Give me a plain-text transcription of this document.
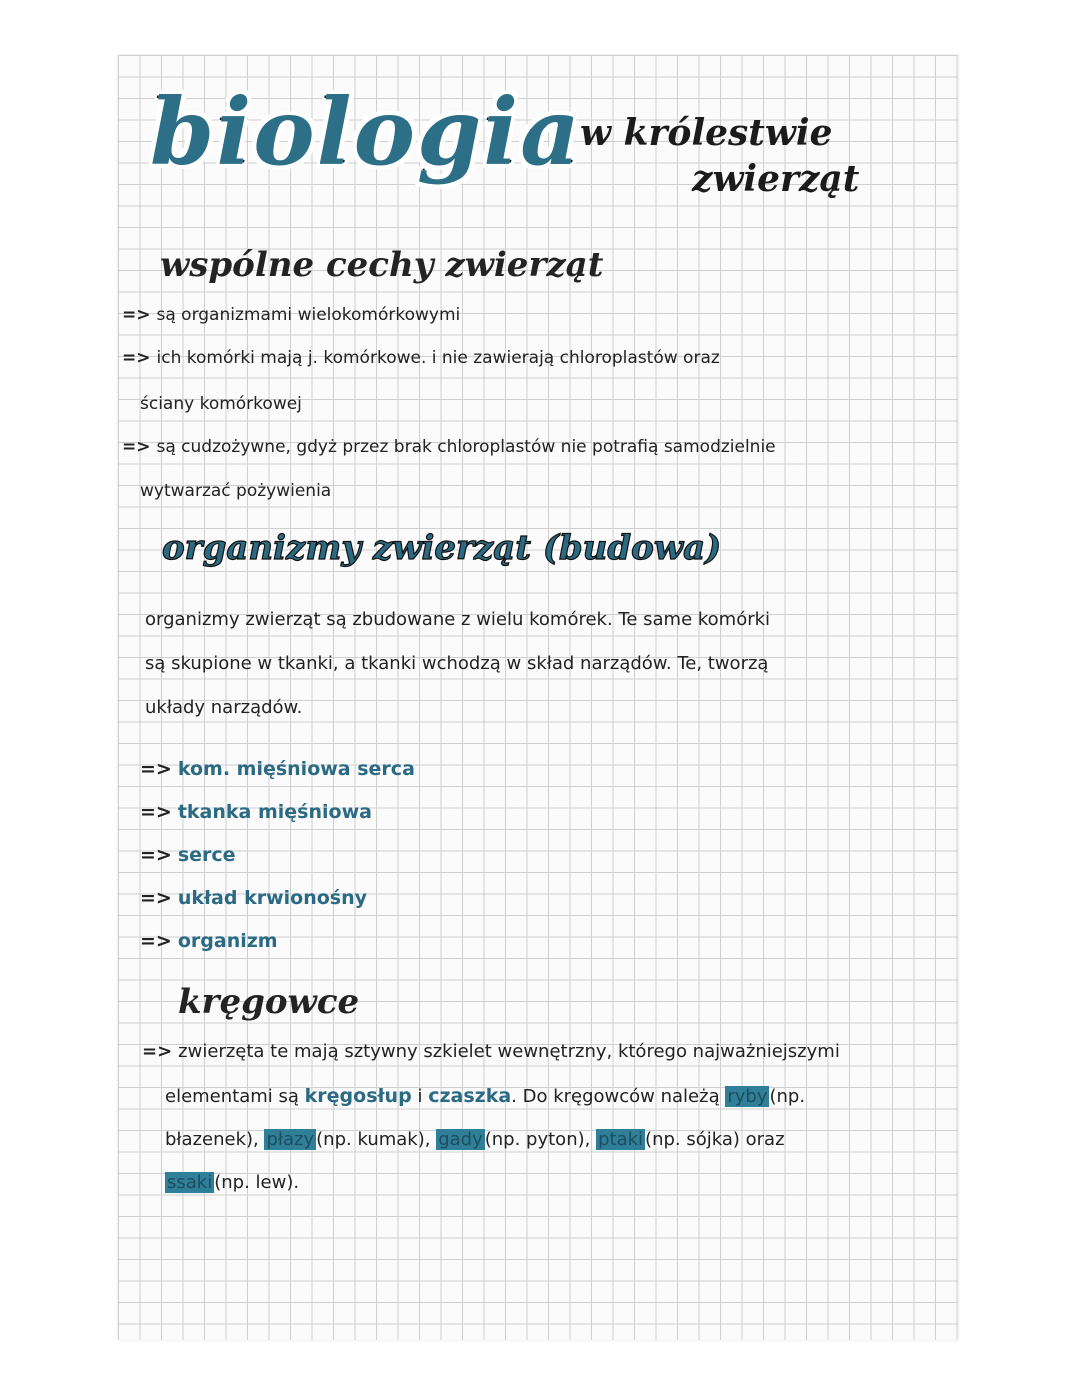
biologia
w królestwie
zwierząt
wspólne cechy zwierząt
=> są organizmami wielokomórkowymi
=> ich komórki mają j. komórkowe. i nie zawierają chloroplastów oraz
ściany komórkowej
=> są cudzożywne, gdyż przez brak chloroplastów nie potrafią samodzielnie
wytwarzać pożywienia
organizmy zwierząt (budowa)
organizmy zwierząt są zbudowane z wielu komórek. Te same komórki
są skupione w tkanki, a tkanki wchodzą w skład narządów. Te, tworzą
układy narządów.
=> kom. mięśniowa serca
=> tkanka mięśniowa
=> serce
=> układ krwionośny
=> organizm
kręgowce
=> zwierzęta te mają sztywny szkielet wewnętrzny, którego najważniejszymi
elementami są kręgosłup i czaszka. Do kręgowców należą ryby (np.
błazenek), płazy (np. kumak), gady (np. pyton), ptaki (np. sójka) oraz
ssaki (np. lew).
